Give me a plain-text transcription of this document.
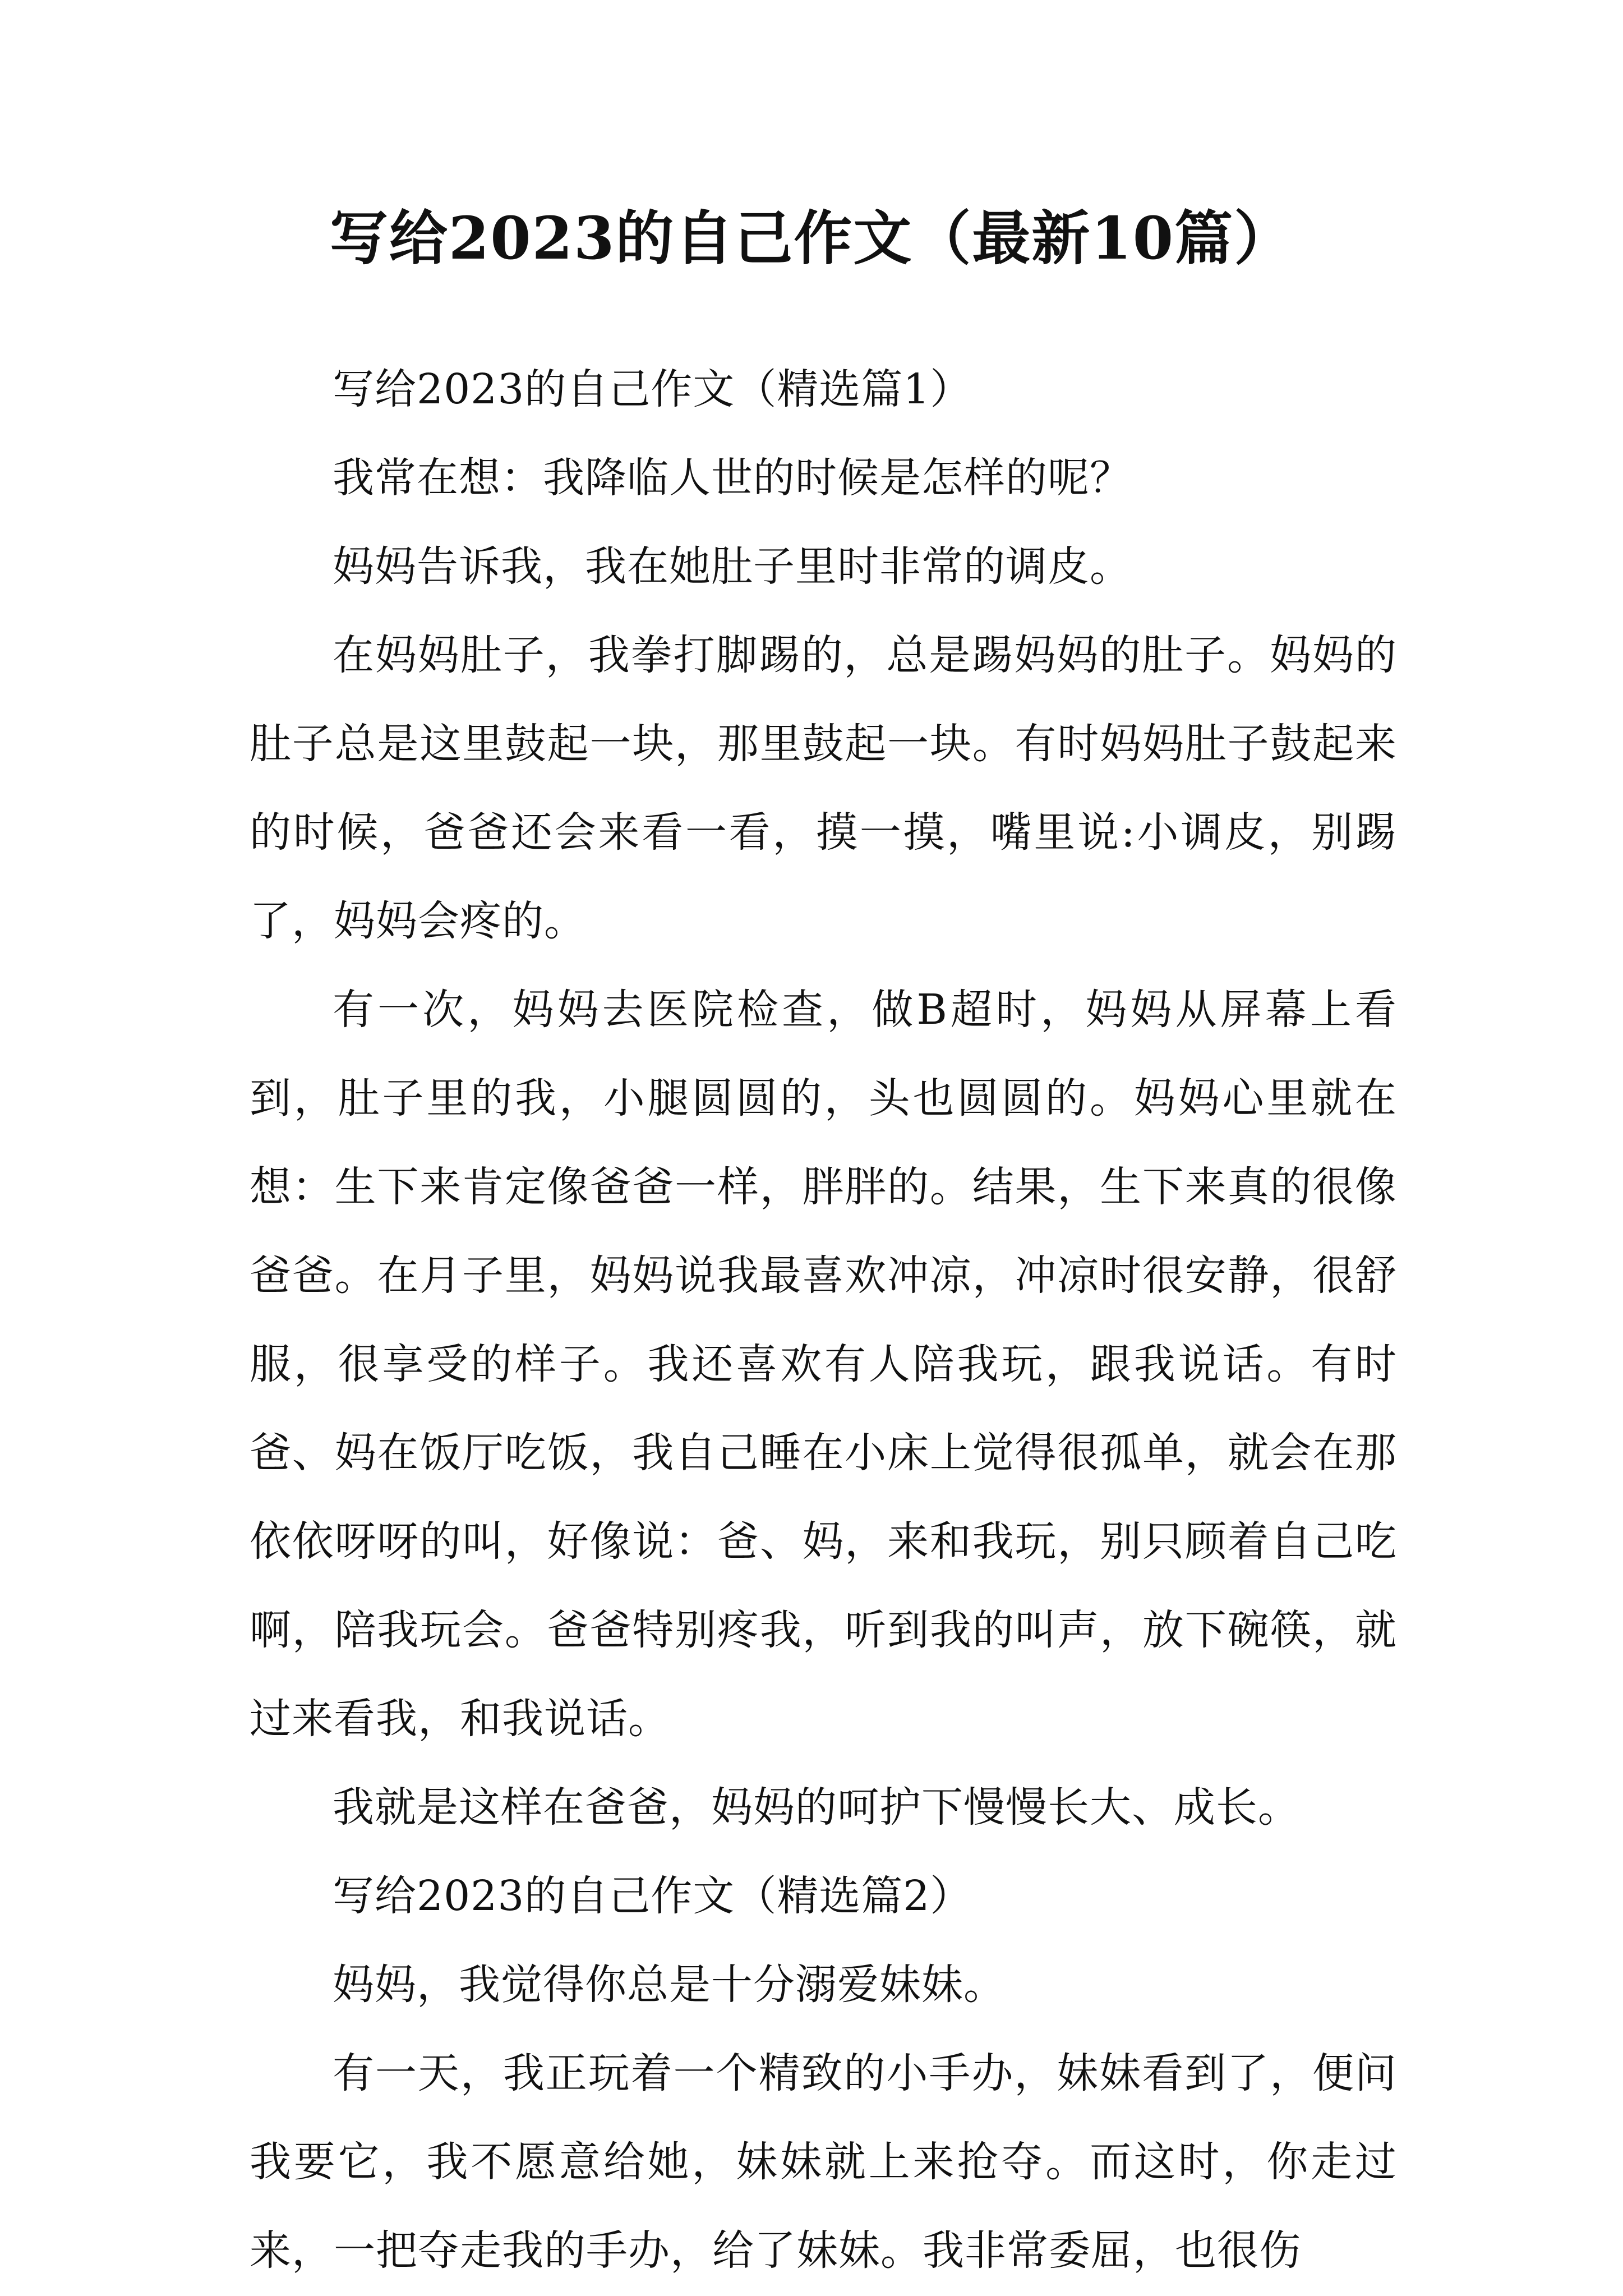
写给2023的自己作文（最新10篇）

写给2023的自己作文（精选篇1）

我常在想：我降临人世的时候是怎样的呢？

妈妈告诉我，我在她肚子里时非常的调皮。

在妈妈肚子，我拳打脚踢的，总是踢妈妈的肚子。妈妈的肚子总是这里鼓起一块，那里鼓起一块。有时妈妈肚子鼓起来的时候，爸爸还会来看一看，摸一摸，嘴里说:小调皮，别踢了，妈妈会疼的。

有一次，妈妈去医院检查，做B超时，妈妈从屏幕上看到，肚子里的我，小腿圆圆的，头也圆圆的。妈妈心里就在想：生下来肯定像爸爸一样，胖胖的。结果，生下来真的很像爸爸。在月子里，妈妈说我最喜欢冲凉，冲凉时很安静，很舒服，很享受的样子。我还喜欢有人陪我玩，跟我说话。有时爸、妈在饭厅吃饭，我自己睡在小床上觉得很孤单，就会在那依依呀呀的叫，好像说：爸、妈，来和我玩，别只顾着自己吃啊，陪我玩会。爸爸特别疼我，听到我的叫声，放下碗筷，就过来看我，和我说话。

我就是这样在爸爸，妈妈的呵护下慢慢长大、成长。

写给2023的自己作文（精选篇2）

妈妈，我觉得你总是十分溺爱妹妹。

有一天，我正玩着一个精致的小手办，妹妹看到了，便问我要它，我不愿意给她，妹妹就上来抢夺。而这时，你走过来，一把夺走我的手办，给了妹妹。我非常委屈，也很伤
